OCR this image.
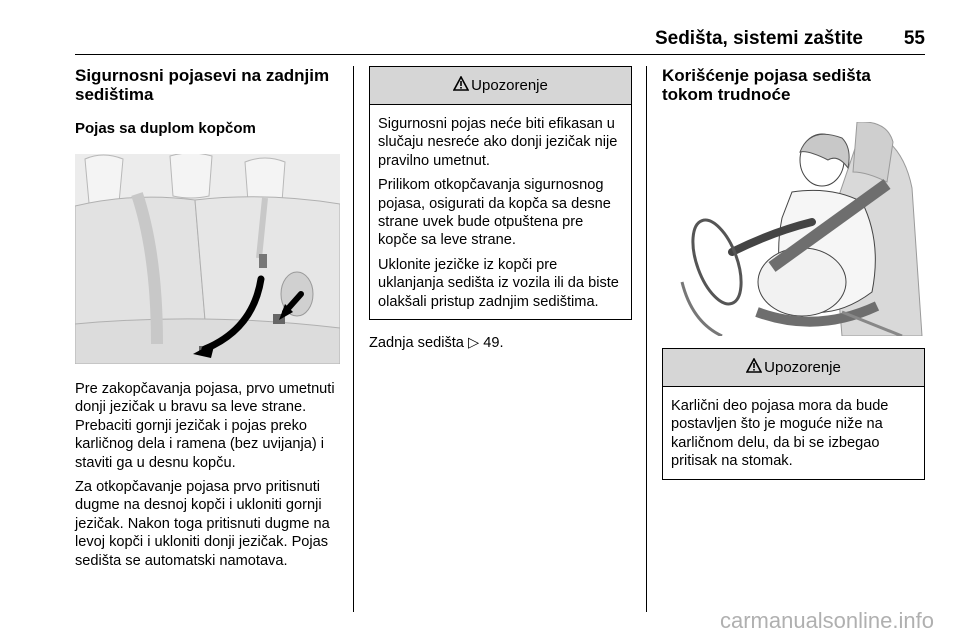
Sedišta, sistemi zaštite 55
Sigurnosni pojasevi na zadnjim sedištima
Pojas sa duplom kopčom

Pre zakopčavanja pojasa, prvo umetnuti donji jezičak u bravu sa leve strane. Prebaciti gornji jezičak i pojas preko karličnog dela i ramena (bez uvijanja) i staviti ga u desnu kopču.

Za otkopčavanje pojasa prvo pritisnuti dugme na desnoj kopči i ukloniti gornji jezičak. Nakon toga pritisnuti dugme na levoj kopči i ukloniti donji jezičak. Pojas sedišta se automatski namotava.

Upozorenje

Sigurnosni pojas neće biti efikasan u slučaju nesreće ako donji jezičak nije pravilno umetnut.

Prilikom otkopčavanja sigurnosnog pojasa, osigurati da kopča sa desne strane uvek bude otpuštena pre kopče sa leve strane.

Uklonite jezičke iz kopči pre uklanjanja sedišta iz vozila ili da biste olakšali pristup zadnjim sedištima.

Zadnja sedišta ▷ 49.

Korišćenje pojasa sedišta tokom trudnoće
Upozorenje

Karlični deo pojasa mora da bude postavljen što je moguće niže na karličnom delu, da bi se izbegao pritisak na stomak.

carmanualsonline.info
